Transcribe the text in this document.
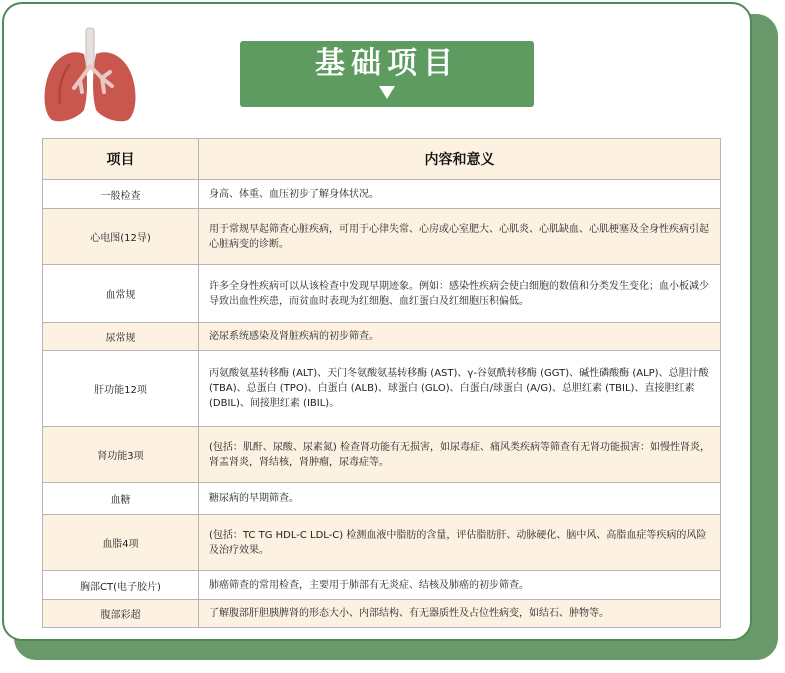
基础项目
项目	内容和意义
一般检查	身高、体重、血压初步了解身体状况。
心电图(12导)	用于常规早起筛查心脏疾病，可用于心律失常、心房或心室肥大、心肌炎、心肌缺血、心肌梗塞及全身性疾病引起心脏病变的诊断。
血常规	许多全身性疾病可以从该检查中发现早期迹象。例如：感染性疾病会使白细胞的数值和分类发生变化；血小板减少导致出血性疾患，而贫血时表现为红细胞、血红蛋白及红细胞压积偏低。
尿常规	泌尿系统感染及肾脏疾病的初步筛查。
肝功能12项	丙氨酸氨基转移酶 (ALT)、天门冬氨酸氨基转移酶 (AST)、γ-谷氨酰转移酶 (GGT)、碱性磷酸酶 (ALP)、总胆汁酸 (TBA)、总蛋白 (TPO)、白蛋白 (ALB)、球蛋白 (GLO)、白蛋白/球蛋白 (A/G)、总胆红素 (TBIL)、直接胆红素 (DBIL)、间接胆红素 (IBIL)。
肾功能3项	(包括：肌酐、尿酸、尿素氮) 检查肾功能有无损害，如尿毒症、痛风类疾病等筛查有无肾功能损害：如慢性肾炎，肾盂肾炎，肾结核，肾肿瘤，尿毒症等。
血糖	糖尿病的早期筛查。
血脂4项	(包括：TC TG HDL-C LDL-C) 检测血液中脂肪的含量，评估脂肪肝、动脉硬化、脑中风、高脂血症等疾病的风险及治疗效果。
胸部CT(电子胶片)	肺癌筛查的常用检查，主要用于肺部有无炎症、结核及肺癌的初步筛查。
腹部彩超	了解腹部肝胆胰脾肾的形态大小、内部结构、有无器质性及占位性病变，如结石、肿物等。
